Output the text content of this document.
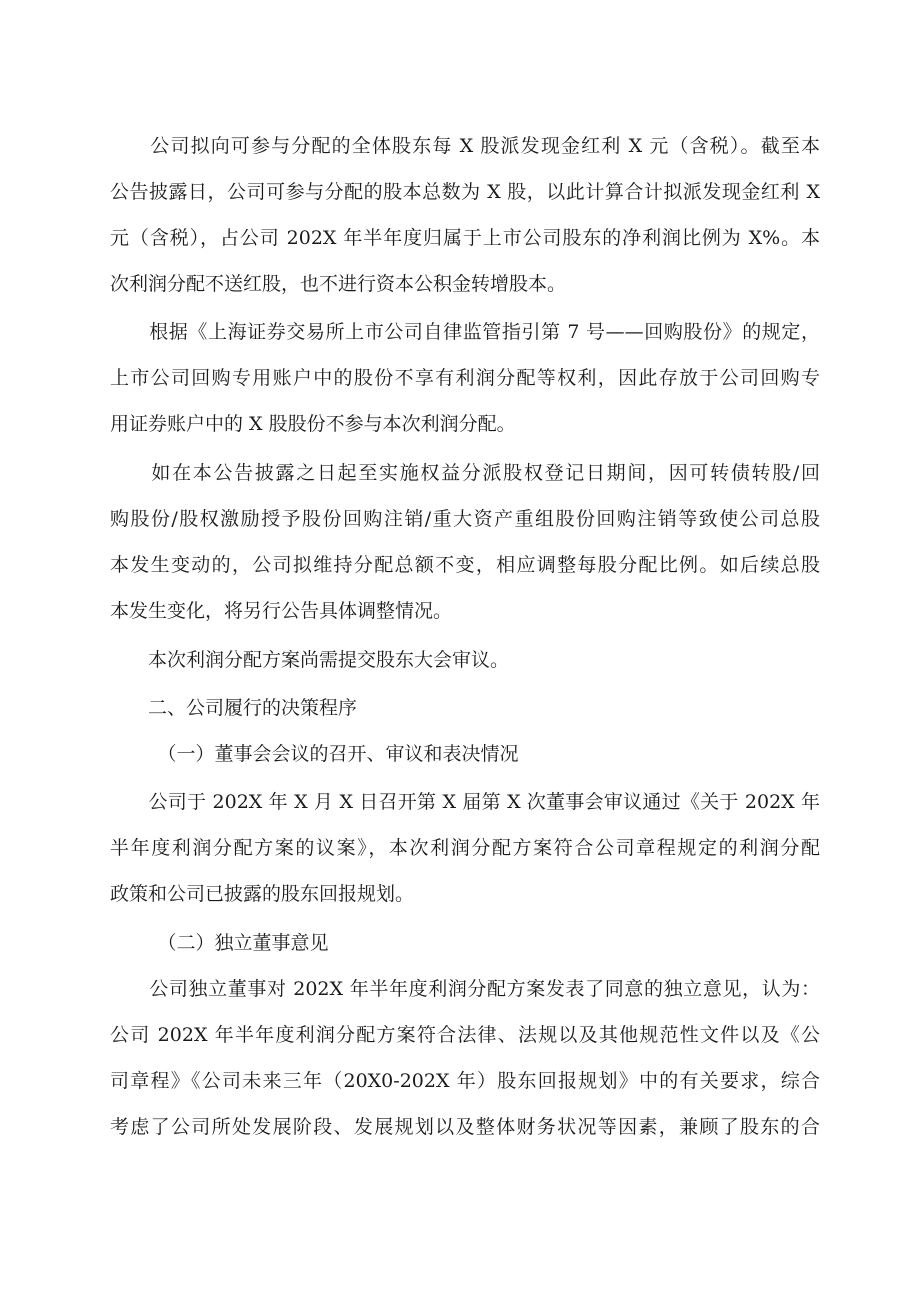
　　公司拟向可参与分配的全体股东每 X 股派发现金红利 X 元（含税）。截至本
公告披露日，公司可参与分配的股本总数为 X 股，以此计算合计拟派发现金红利 X
元（含税），占公司 202X 年半年度归属于上市公司股东的净利润比例为 X%。本
次利润分配不送红股，也不进行资本公积金转增股本。
　　根据《上海证券交易所上市公司自律监管指引第 7 号——回购股份》的规定，
上市公司回购专用账户中的股份不享有利润分配等权利，因此存放于公司回购专
用证券账户中的 X 股股份不参与本次利润分配。
　　如在本公告披露之日起至实施权益分派股权登记日期间，因可转债转股/回
购股份/股权激励授予股份回购注销/重大资产重组股份回购注销等致使公司总股
本发生变动的，公司拟维持分配总额不变，相应调整每股分配比例。如后续总股
本发生变化，将另行公告具体调整情况。
　　本次利润分配方案尚需提交股东大会审议。
　　二、公司履行的决策程序
　　　（一）董事会会议的召开、审议和表决情况
　　公司于 202X 年 X 月 X 日召开第 X 届第 X 次董事会审议通过《关于 202X 年
半年度利润分配方案的议案》，本次利润分配方案符合公司章程规定的利润分配
政策和公司已披露的股东回报规划。
　　　（二）独立董事意见
　　公司独立董事对 202X 年半年度利润分配方案发表了同意的独立意见，认为：
公司 202X 年半年度利润分配方案符合法律、法规以及其他规范性文件以及《公
司章程》《公司未来三年（20X0-202X 年）股东回报规划》中的有关要求，综合
考虑了公司所处发展阶段、发展规划以及整体财务状况等因素，兼顾了股东的合
